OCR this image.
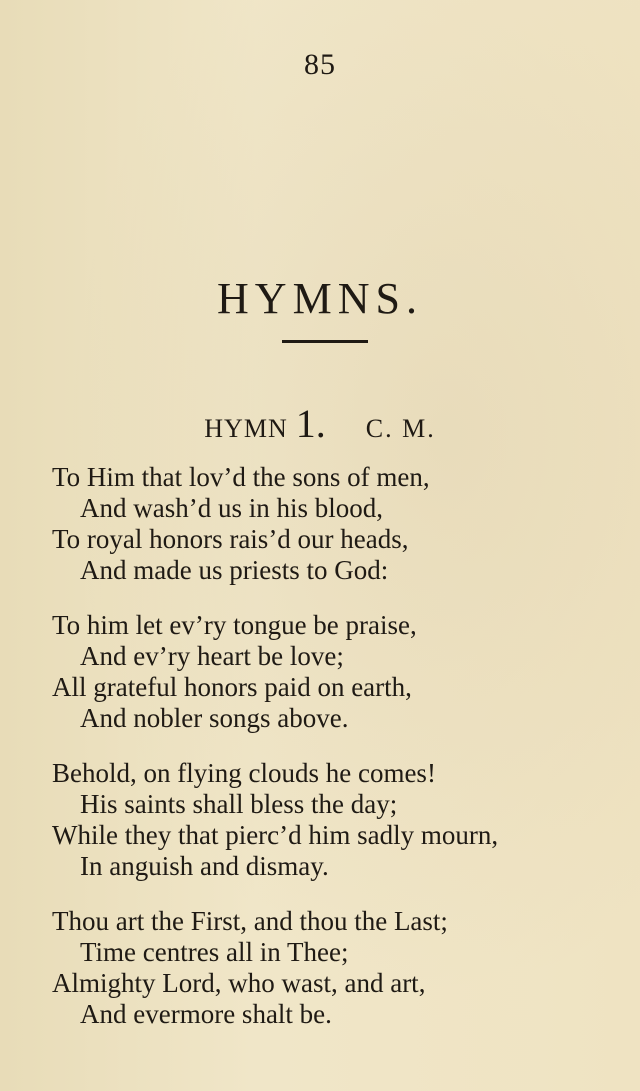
85
HYMNS.
HYMN 1. C. M.
To Him that lov’d the sons of men,
And wash’d us in his blood,
To royal honors rais’d our heads,
And made us priests to God:
To him let ev’ry tongue be praise,
And ev’ry heart be love;
All grateful honors paid on earth,
And nobler songs above.
Behold, on flying clouds he comes!
His saints shall bless the day;
While they that pierc’d him sadly mourn,
In anguish and dismay.
Thou art the First, and thou the Last;
Time centres all in Thee;
Almighty Lord, who wast, and art,
And evermore shalt be.
